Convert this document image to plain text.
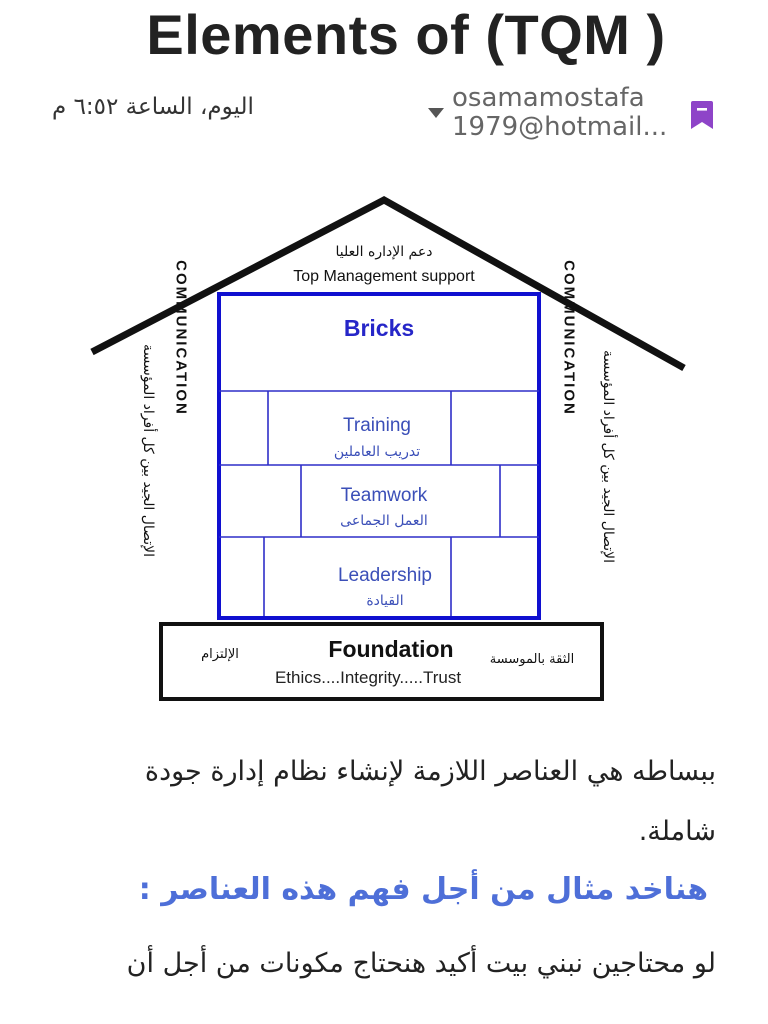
Elements of (TQM )
osamamostafa
1979@hotmail...
اليوم، الساعة ٦:٥٢ م
دعم الإداره العليا
Top Management support
Bricks
Training
تدريب العاملين
Teamwork
العمل الجماعى
Leadership
القيادة
COMMUNICATION
الإتصال الجيد بين كل أفراد المؤسسة
COMMUNICATION
الإتصال الجيد بين كل أفراد المؤسسة
Foundation
الإلتزام	الثقة بالموسسة
Ethics....Integrity.....Trust
ببساطه هي العناصر اللازمة لإنشاء نظام إدارة جودة
شاملة.
هناخد مثال من أجل فهم هذه العناصر :
لو محتاجين نبني بيت أكيد هنحتاج مكونات من أجل أن
